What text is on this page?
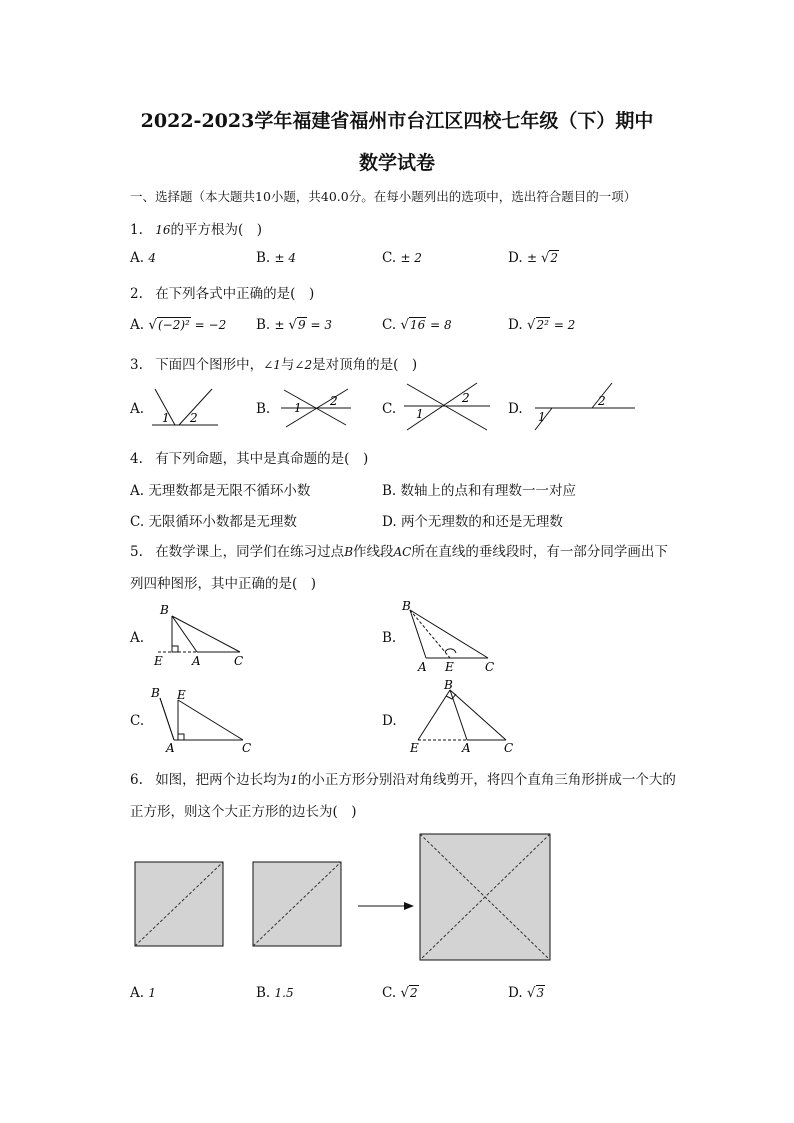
2022-2023学年福建省福州市台江区四校七年级（下）期中
数学试卷
一、选择题（本大题共10小题，共40.0分。在每小题列出的选项中，选出符合题目的一项）
1. 16的平方根为(　)
A. 4	B. ± 4	C. ± 2	D. ± √2
2. 在下列各式中正确的是(　)
A. √(−2)² = −2 B. ± √9 = 3	C. √16 = 8	D. √2² = 2
3. 下面四个图形中，∠1与∠2是对顶角的是(　)
A.	B.	C.	D.
1 2
1 2
1
2
1
2
4. 有下列命题，其中是真命题的是(　)
A. 无理数都是无限不循环小数	B. 数轴上的点和有理数一一对应
C. 无限循环小数都是无理数	D. 两个无理数的和还是无理数
5. 在数学课上，同学们在练习过点B作线段AC所在直线的垂线段时，有一部分同学画出下
列四种图形，其中正确的是(　)
A.	B.
C.	D.
B
E A	C
B
A E	C
B E
A	C
B
E	A	C
6. 如图，把两个边长均为1的小正方形分别沿对角线剪开，将四个直角三角形拼成一个大的
正方形，则这个大正方形的边长为(　)
A. 1	B. 1.5	C. √2	D. √3
